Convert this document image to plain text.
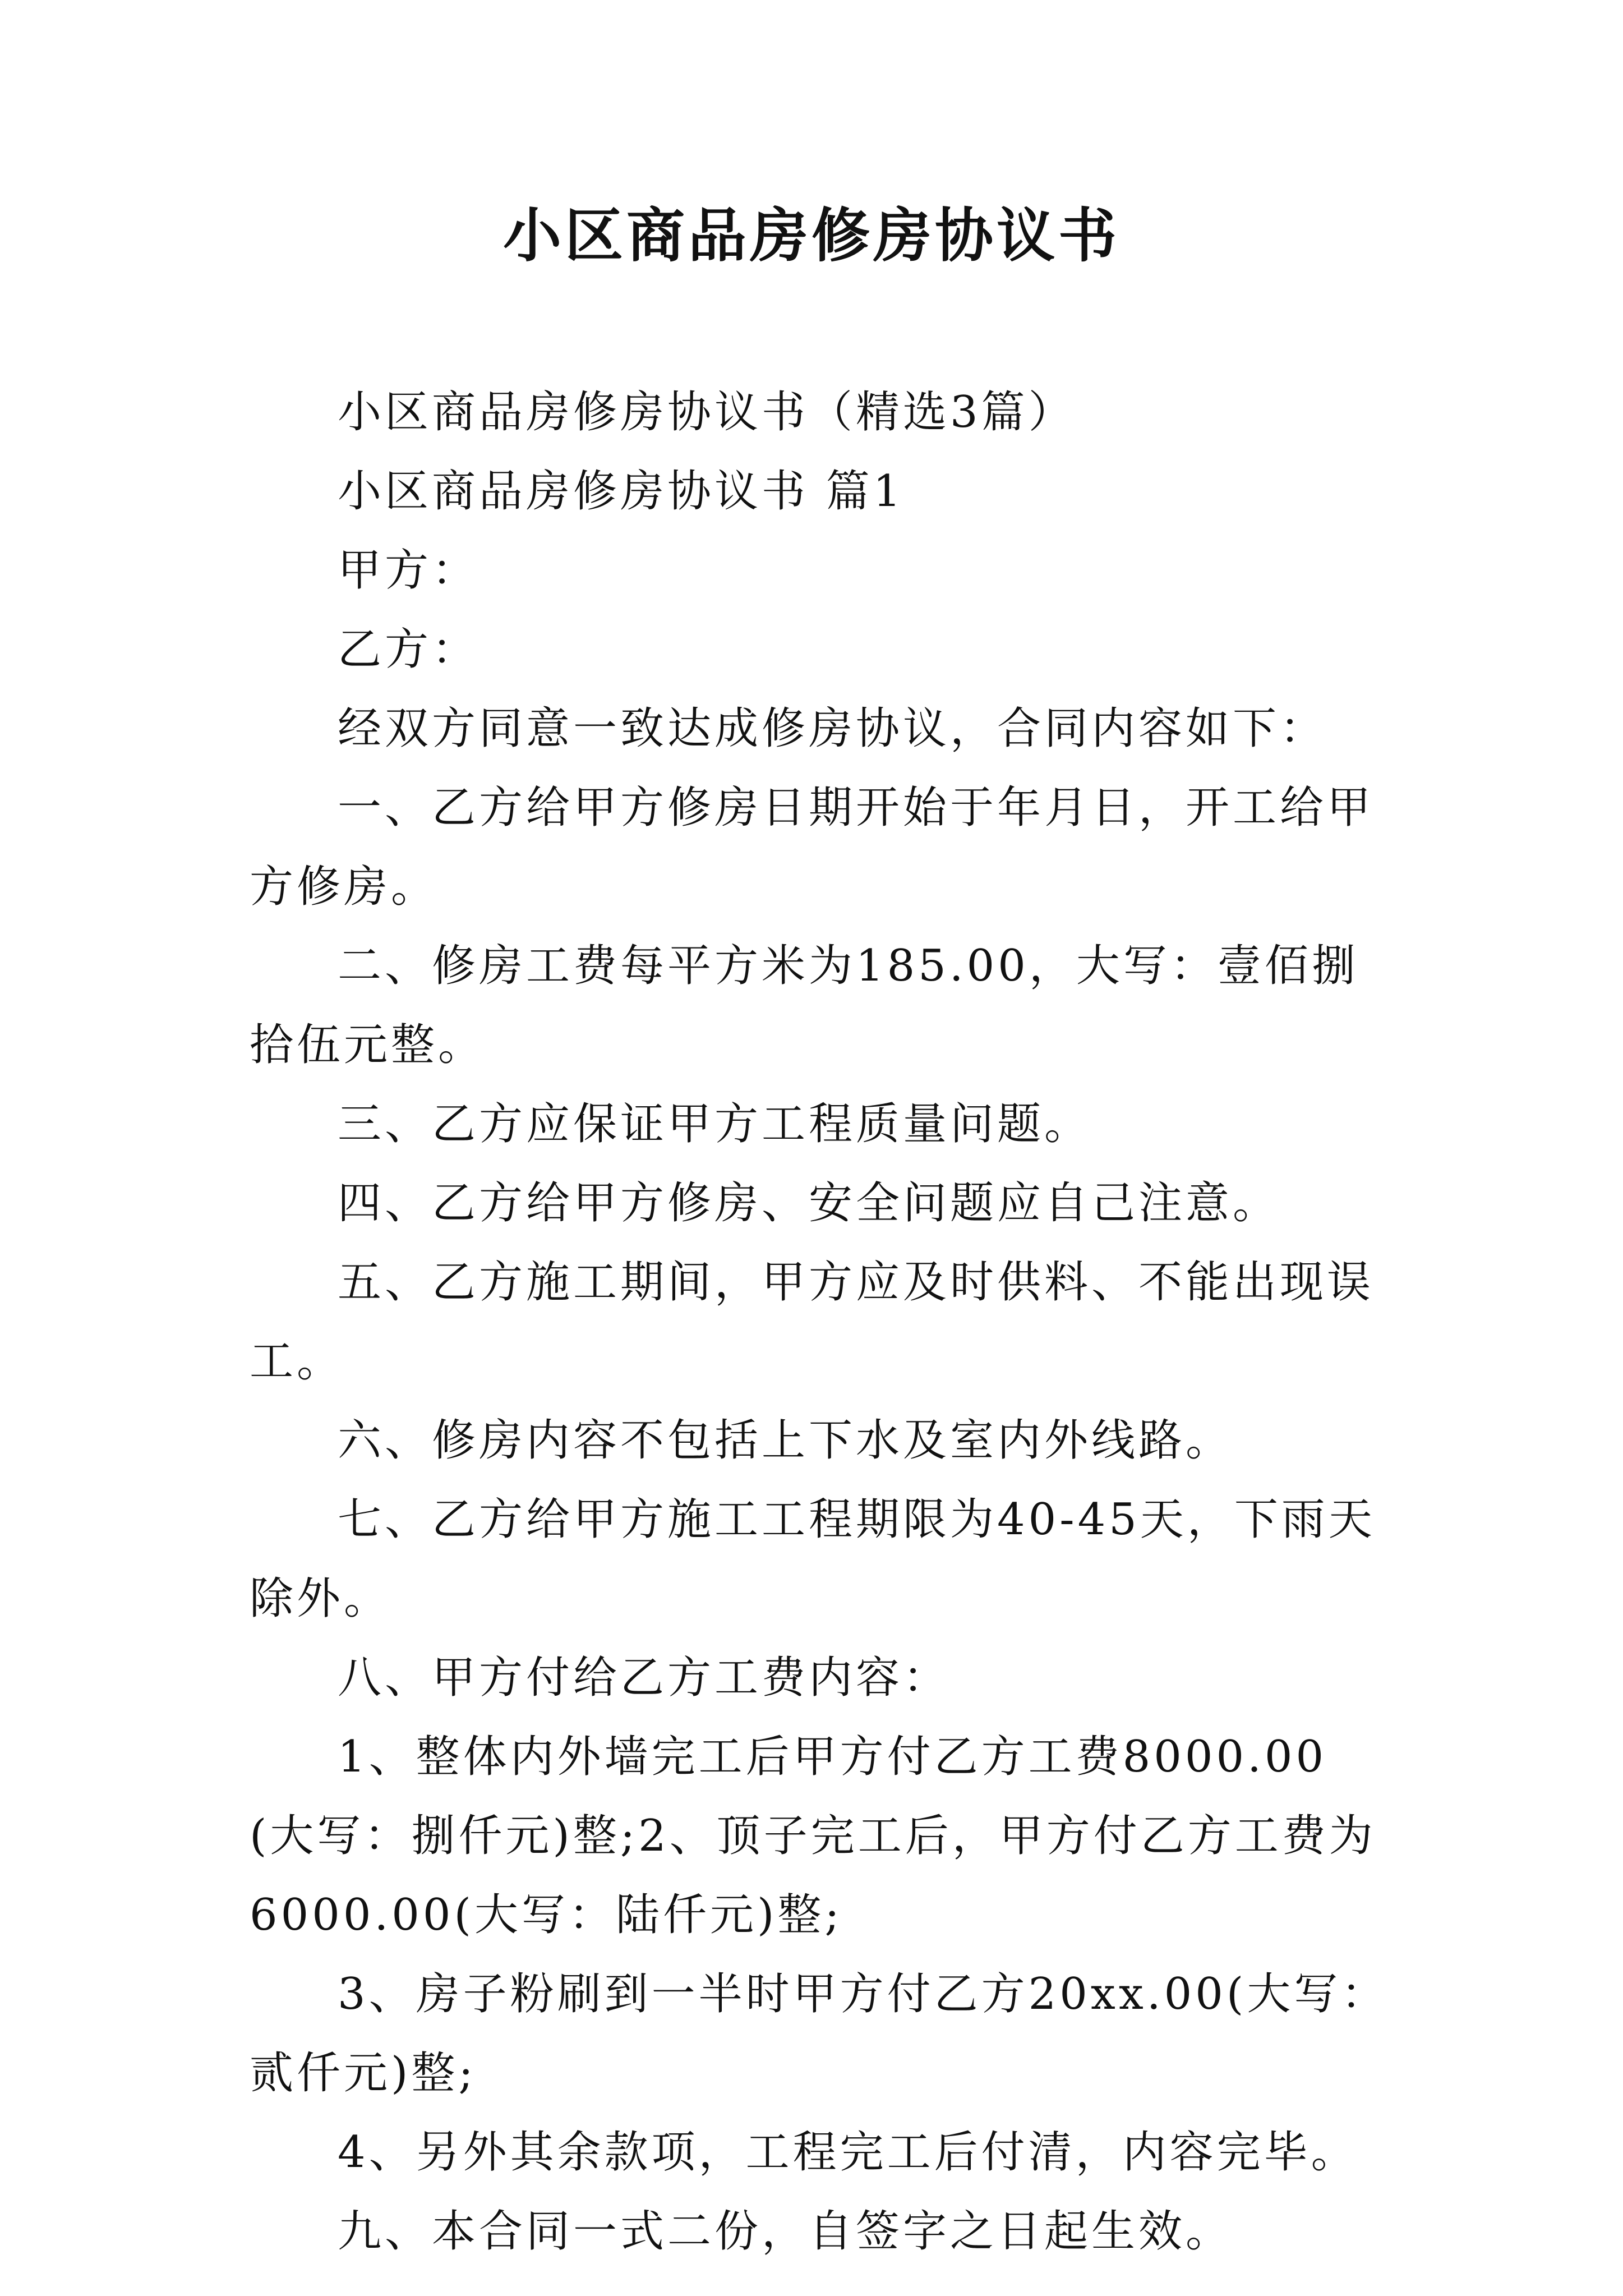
小区商品房修房协议书

小区商品房修房协议书（精选3篇）

小区商品房修房协议书 篇1

甲方：

乙方：

经双方同意一致达成修房协议，合同内容如下：

一、乙方给甲方修房日期开始于年月日，开工给甲方修房。

二、修房工费每平方米为185.00，大写：壹佰捌拾伍元整。

三、乙方应保证甲方工程质量问题。

四、乙方给甲方修房、安全问题应自己注意。

五、乙方施工期间，甲方应及时供料、不能出现误工。

六、修房内容不包括上下水及室内外线路。

七、乙方给甲方施工工程期限为40-45天，下雨天除外。

八、甲方付给乙方工费内容：

1、整体内外墙完工后甲方付乙方工费8000.00(大写：捌仟元)整;2、顶子完工后，甲方付乙方工费为6000.00(大写：陆仟元)整;

3、房子粉刷到一半时甲方付乙方20xx.00(大写：贰仟元)整;

4、另外其余款项，工程完工后付清，内容完毕。

九、本合同一式二份，自签字之日起生效。
